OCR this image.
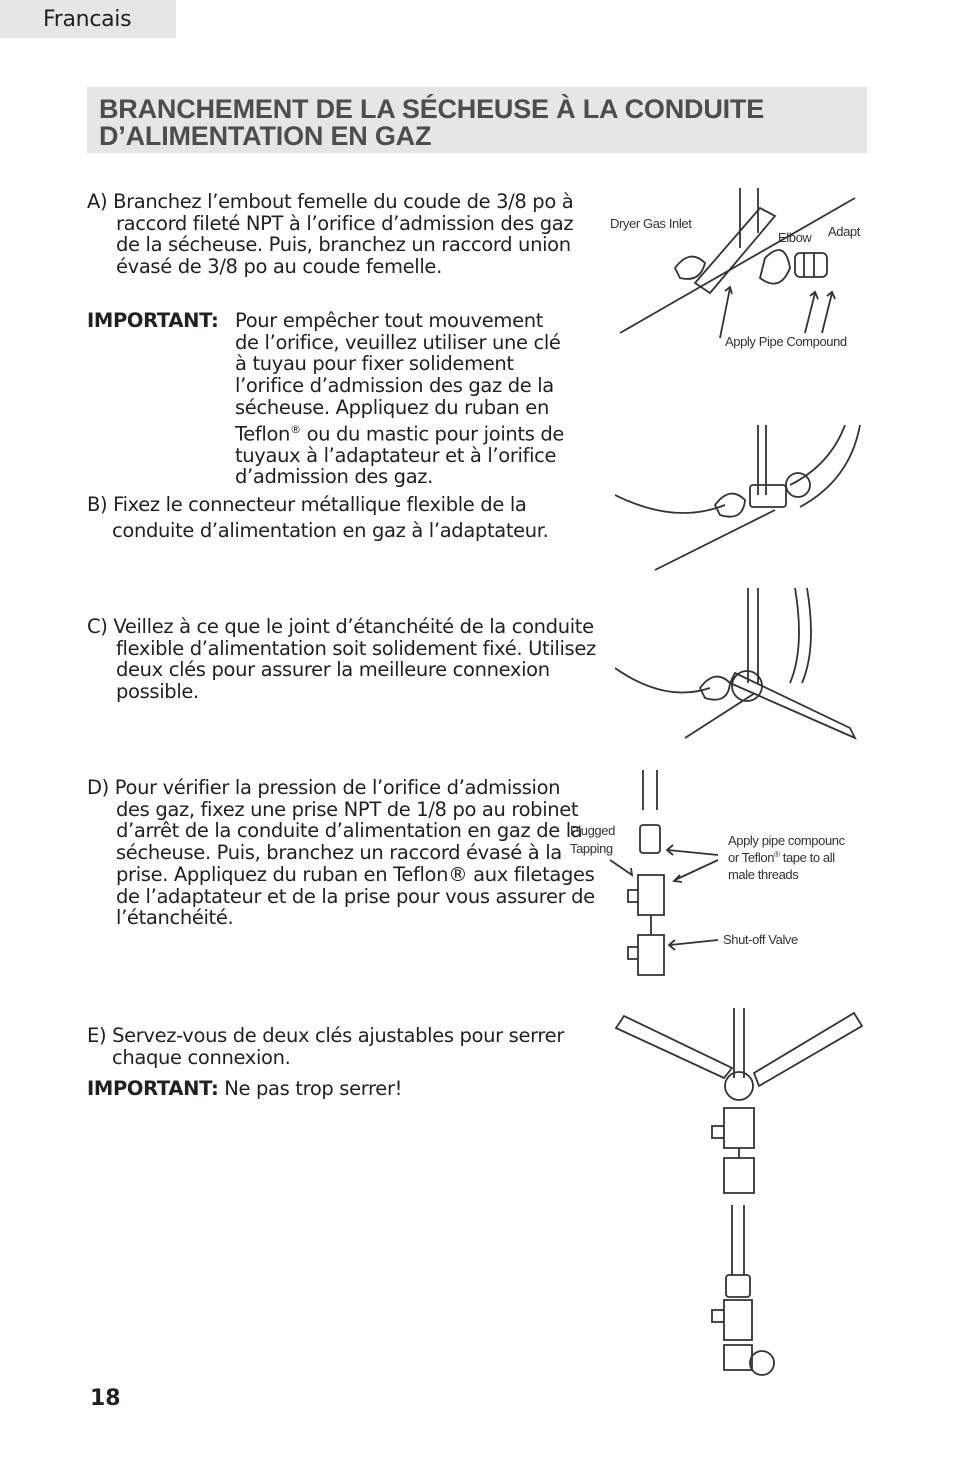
Francais
BRANCHEMENT DE LA SÉCHEUSE À LA CONDUITE
D’ALIMENTATION EN GAZ

A) Branchez l’embout femelle du coude de 3/8 po à raccord fileté NPT à l’orifice d’admission des gaz de la sécheuse. Puis, branchez un raccord union évasé de 3/8 po au coude femelle.

IMPORTANT: Pour empêcher tout mouvement de l’orifice, veuillez utiliser une clé à tuyau pour fixer solidement l’orifice d’admission des gaz de la sécheuse. Appliquez du ruban en Teflon® ou du mastic pour joints de tuyaux à l’adaptateur et à l’orifice d’admission des gaz.

B) Fixez le connecteur métallique flexible de la conduite d’alimentation en gaz à l’adaptateur.

C) Veillez à ce que le joint d’étanchéité de la conduite flexible d’alimentation soit solidement fixé. Utilisez deux clés pour assurer la meilleure connexion possible.

D) Pour vérifier la pression de l’orifice d’admission des gaz, fixez une prise NPT de 1/8 po au robinet d’arrêt de la conduite d’alimentation en gaz de la sécheuse. Puis, branchez un raccord évasé à la prise. Appliquez du ruban en Teflon® aux filetages de l’adaptateur et de la prise pour vous assurer de l’étanchéité.

E) Servez-vous de deux clés ajustables pour serrer chaque connexion.

IMPORTANT: Ne pas trop serrer!
Dryer Gas Inlet
Elbow Adapt
Apply Pipe Compound
Plugged
Tapping
Apply pipe compounc
or Teflon® tape to all
male threads
Shut-off Valve
18
